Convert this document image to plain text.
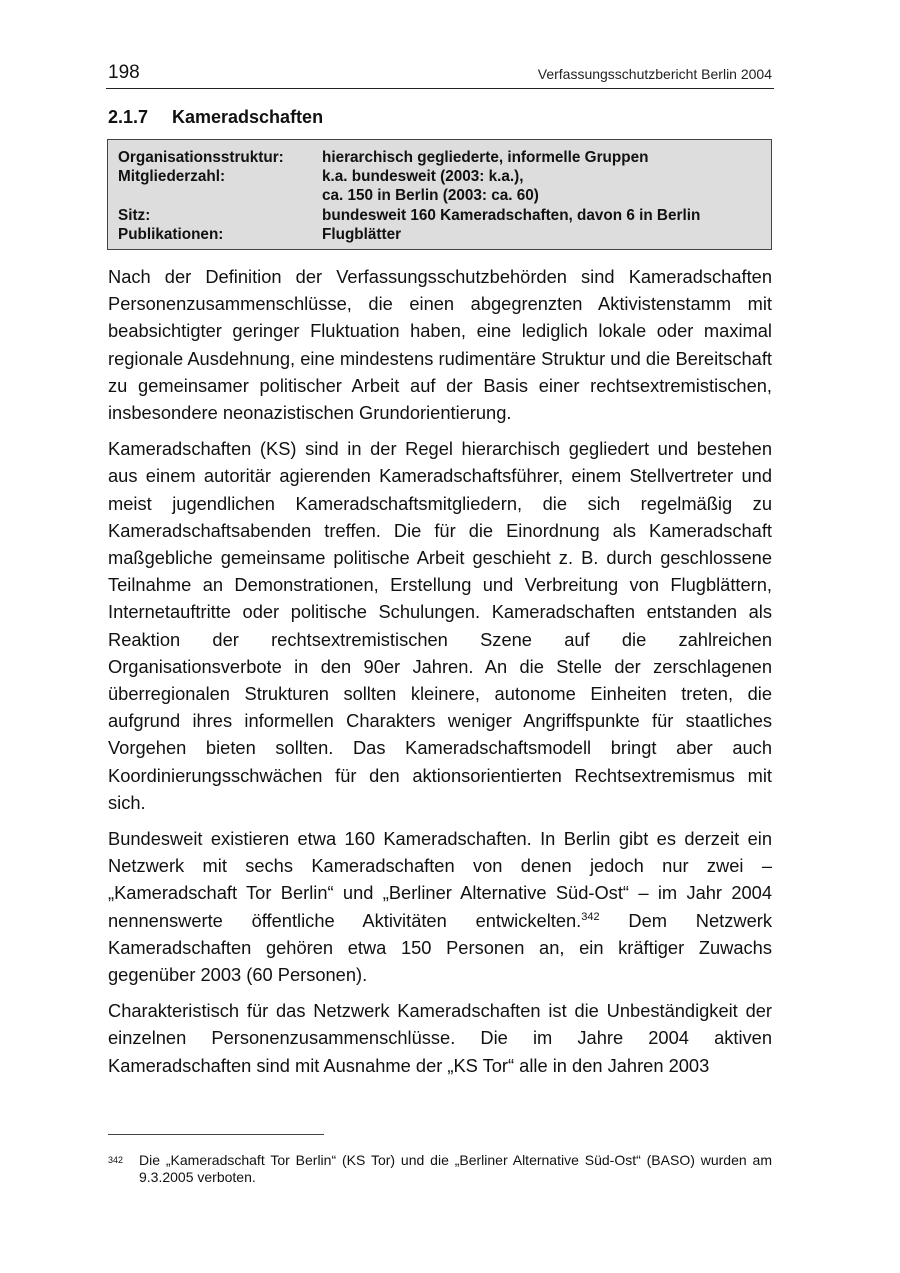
198	Verfassungsschutzbericht Berlin 2004
2.1.7 Kameradschaften
Organisationsstruktur:	hierarchisch gegliederte, informelle Gruppen
Mitgliederzahl:	k.a. bundesweit (2003: k.a.),
ca. 150 in Berlin (2003: ca. 60)
Sitz:	bundesweit 160 Kameradschaften, davon 6 in Berlin
Publikationen:	Flugblätter

Nach der Definition der Verfassungsschutzbehörden sind Kameradschaften Personenzusammenschlüsse, die einen abgegrenzten Aktivistenstamm mit beabsichtigter geringer Fluktuation haben, eine lediglich lokale oder maximal regionale Ausdehnung, eine mindestens rudimentäre Struktur und die Bereitschaft zu gemeinsamer politischer Arbeit auf der Basis einer rechtsextremistischen, insbesondere neonazistischen Grundorientierung.

Kameradschaften (KS) sind in der Regel hierarchisch gegliedert und bestehen aus einem autoritär agierenden Kameradschaftsführer, einem Stellvertreter und meist jugendlichen Kameradschaftsmitgliedern, die sich regelmäßig zu Kameradschaftsabenden treffen. Die für die Einordnung als Kameradschaft maßgebliche gemeinsame politische Arbeit geschieht z. B. durch geschlossene Teilnahme an Demonstrationen, Erstellung und Verbreitung von Flugblättern, Internetauftritte oder politische Schulungen. Kameradschaften entstanden als Reaktion der rechtsextremistischen Szene auf die zahlreichen Organisationsverbote in den 90er Jahren. An die Stelle der zerschlagenen überregionalen Strukturen sollten kleinere, autonome Einheiten treten, die aufgrund ihres informellen Charakters weniger Angriffspunkte für staatliches Vorgehen bieten sollten. Das Kameradschaftsmodell bringt aber auch Koordinierungsschwächen für den aktionsorientierten Rechtsextremismus mit sich.

Bundesweit existieren etwa 160 Kameradschaften. In Berlin gibt es derzeit ein Netzwerk mit sechs Kameradschaften von denen jedoch nur zwei – „Kameradschaft Tor Berlin“ und „Berliner Alternative Süd-Ost“ – im Jahr 2004 nennenswerte öffentliche Aktivitäten entwickelten.$^{342}$ Dem Netzwerk Kameradschaften gehören etwa 150 Personen an, ein kräftiger Zuwachs gegenüber 2003 (60 Personen).

Charakteristisch für das Netzwerk Kameradschaften ist die Unbeständigkeit der einzelnen Personenzusammenschlüsse. Die im Jahre 2004 aktiven Kameradschaften sind mit Ausnahme der „KS Tor“ alle in den Jahren 2003

342 Die „Kameradschaft Tor Berlin“ (KS Tor) und die „Berliner Alternative Süd-Ost“ (BASO) wurden am 9.3.2005 verboten.
